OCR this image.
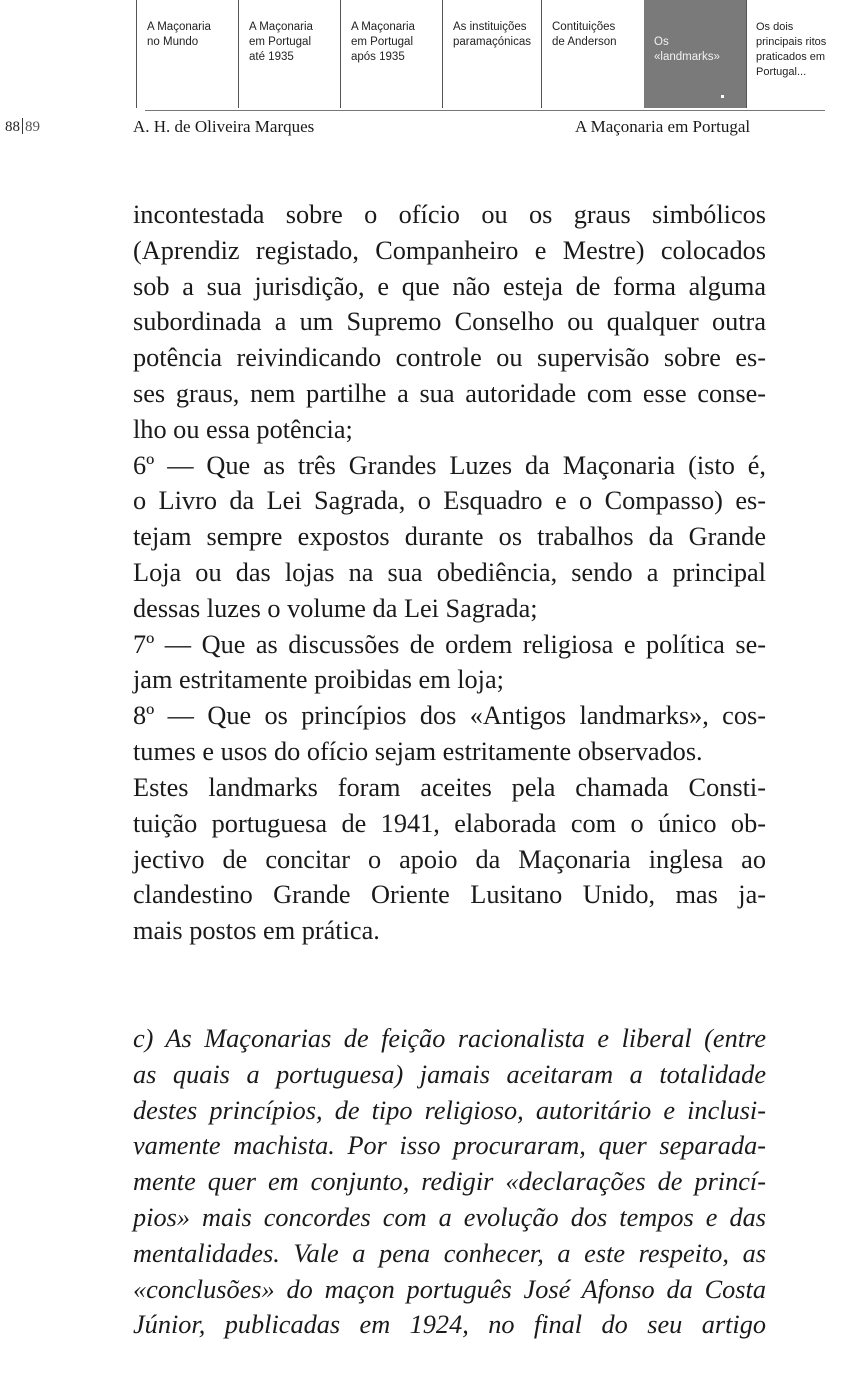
A Maçonaria
no Mundo
A Maçonaria
em Portugal
até 1935
A Maçonaria
em Portugal
após 1935
As instituições
paramaçónicas
Contituições
de Anderson	Os
«landmarks»

Os dois
principais ritos
praticados em
Portugal...
88 89	A. H. de Oliveira Marques	A Maçonaria em Portugal
incontestada sobre o ofício ou os graus simbólicos
(Aprendiz registado, Companheiro e Mestre) colocados
sob a sua jurisdição, e que não esteja de forma alguma
subordinada a um Supremo Conselho ou qualquer outra
potência reivindicando controle ou supervisão sobre es-
ses graus, nem partilhe a sua autoridade com esse conse-
lho ou essa potência;
6º — Que as três Grandes Luzes da Maçonaria (isto é,
o Livro da Lei Sagrada, o Esquadro e o Compasso) es-
tejam sempre expostos durante os trabalhos da Grande
Loja ou das lojas na sua obediência, sendo a principal
dessas luzes o volume da Lei Sagrada;
7º — Que as discussões de ordem religiosa e política se-
jam estritamente proibidas em loja;
8º — Que os princípios dos «Antigos landmarks», cos-
tumes e usos do ofício sejam estritamente observados.
Estes landmarks foram aceites pela chamada Consti-
tuição portuguesa de 1941, elaborada com o único ob-
jectivo de concitar o apoio da Maçonaria inglesa ao
clandestino Grande Oriente Lusitano Unido, mas ja-
mais postos em prática.
c) As Maçonarias de feição racionalista e liberal (entre
as quais a portuguesa) jamais aceitaram a totalidade
destes princípios, de tipo religioso, autoritário e inclusi-
vamente machista. Por isso procuraram, quer separada-
mente quer em conjunto, redigir «declarações de princí-
pios» mais concordes com a evolução dos tempos e das
mentalidades. Vale a pena conhecer, a este respeito, as
«conclusões» do maçon português José Afonso da Costa
Júnior, publicadas em 1924, no final do seu artigo
